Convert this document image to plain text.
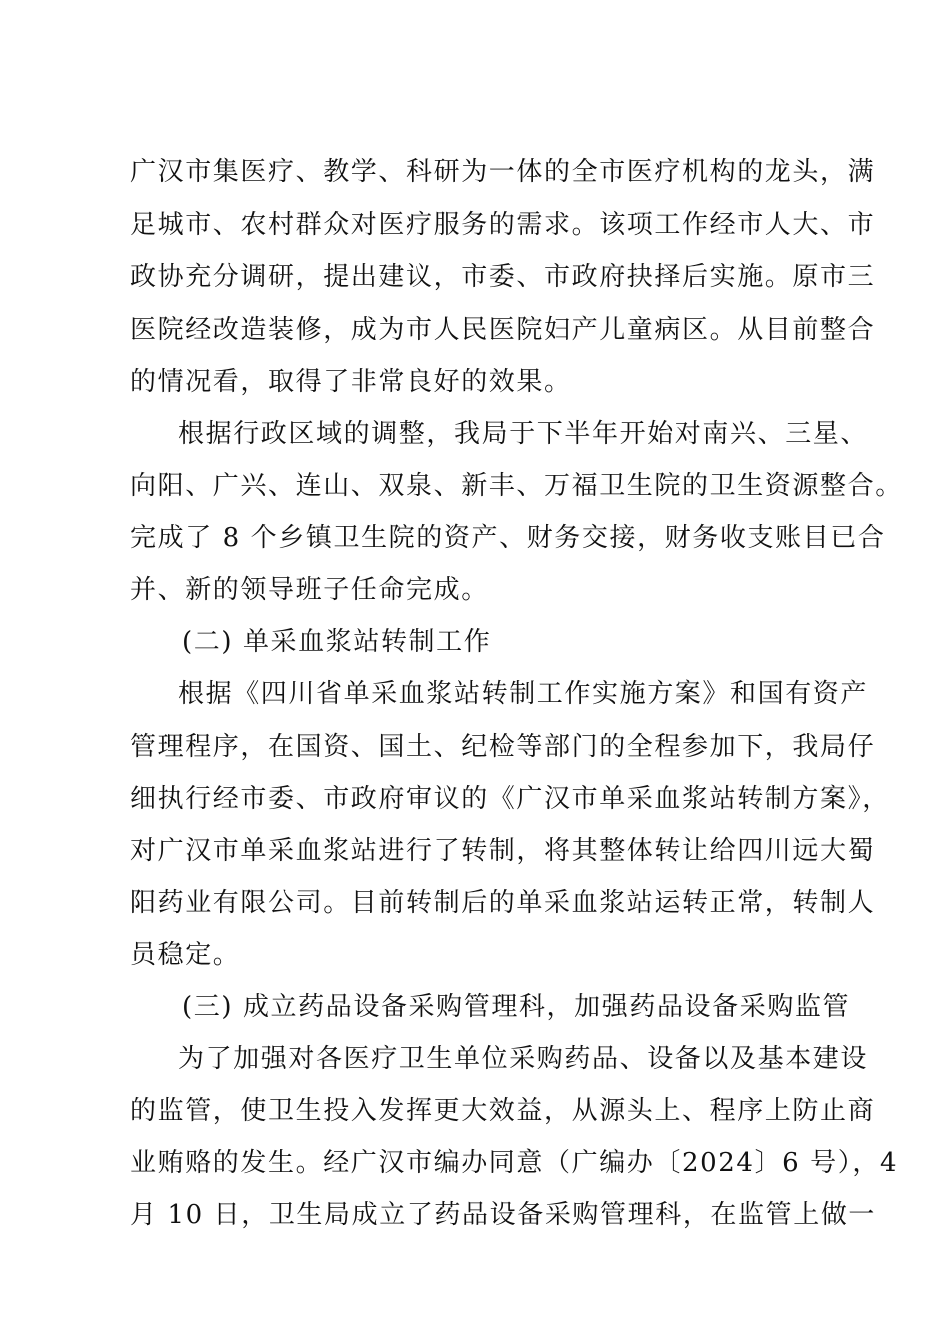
广汉市集医疗、教学、科研为一体的全市医疗机构的龙头，满
足城市、农村群众对医疗服务的需求。该项工作经市人大、市
政协充分调研，提出建议，市委、市政府抉择后实施。原市三
医院经改造装修，成为市人民医院妇产儿童病区。从目前整合
的情况看，取得了非常良好的效果。
根据行政区域的调整，我局于下半年开始对南兴、三星、
向阳、广兴、连山、双泉、新丰、万福卫生院的卫生资源整合。
完成了 8 个乡镇卫生院的资产、财务交接，财务收支账目已合
并、新的领导班子任命完成。
(二) 单采血浆站转制工作
根据《四川省单采血浆站转制工作实施方案》和国有资产
管理程序，在国资、国土、纪检等部门的全程参加下，我局仔
细执行经市委、市政府审议的《广汉市单采血浆站转制方案》，
对广汉市单采血浆站进行了转制，将其整体转让给四川远大蜀
阳药业有限公司。目前转制后的单采血浆站运转正常，转制人
员稳定。
(三) 成立药品设备采购管理科，加强药品设备采购监管
为了加强对各医疗卫生单位采购药品、设备以及基本建设
的监管，使卫生投入发挥更大效益，从源头上、程序上防止商
业贿赂的发生。经广汉市编办同意（广编办〔2024〕6 号），4
月 10 日，卫生局成立了药品设备采购管理科，在监管上做一
